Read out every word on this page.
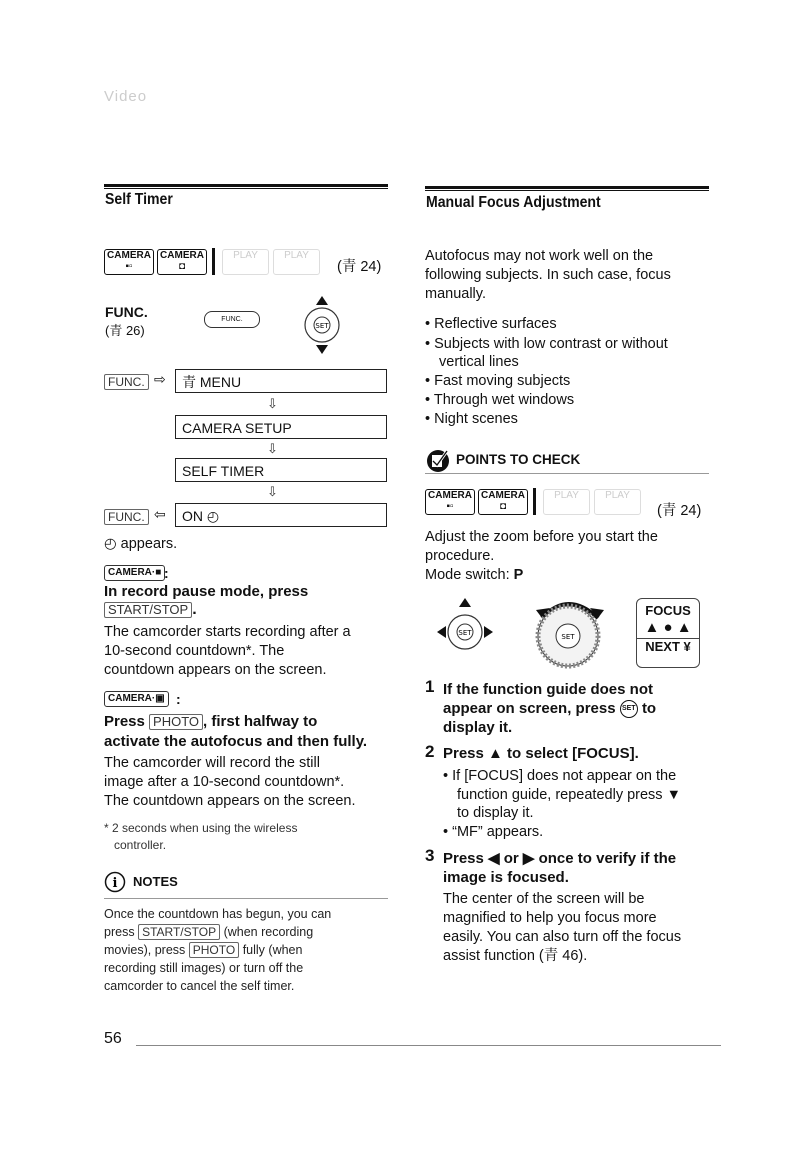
Video
Self Timer
CAMERA
▪▫
CAMERA
◘
PLAY	PLAY
(⻘ 24)
FUNC.
(⻘ 26)
FUNC.
SET
FUNC. ⇨	⻘ MENU
⇩
CAMERA SETUP
⇩
SELF TIMER
⇩
FUNC. ⇦	ON ◴
◴ appears.
CAMERA·■ :
In record pause mode, press
START/STOP .
The camcorder starts recording after a
10-second countdown*. The
countdown appears on the screen.
CAMERA·▣ :
Press PHOTO , first halfway to
activate the autofocus and then fully.
The camcorder will record the still
image after a 10-second countdown*.
The countdown appears on the screen.
* 2 seconds when using the wireless
controller.
i NOTES
Once the countdown has begun, you can
press START/STOP (when recording
movies), press PHOTO fully (when
recording still images) or turn off the
camcorder to cancel the self timer.
Manual Focus Adjustment
Autofocus may not work well on the
following subjects. In such case, focus
manually.
• Reflective surfaces
• Subjects with low contrast or without
vertical lines
• Fast moving subjects
• Through wet windows
• Night scenes
POINTS TO CHECK
CAMERA
▪▫
CAMERA
◘
PLAY	PLAY
(⻘ 24)
Adjust the zoom before you start the
procedure.
Mode switch: P
SET	SET
FOCUS
▲ ● ▲
NEXT ¥
1 If the function guide does not
appear on screen, press SET to
display it.
2 Press ▲ to select [FOCUS].
• If [FOCUS] does not appear on the
function guide, repeatedly press ▼
to display it.
• “MF” appears.
3 Press ◀ or ▶ once to verify if the
image is focused.
The center of the screen will be
magnified to help you focus more
easily. You can also turn off the focus
assist function (⻘ 46).
56
